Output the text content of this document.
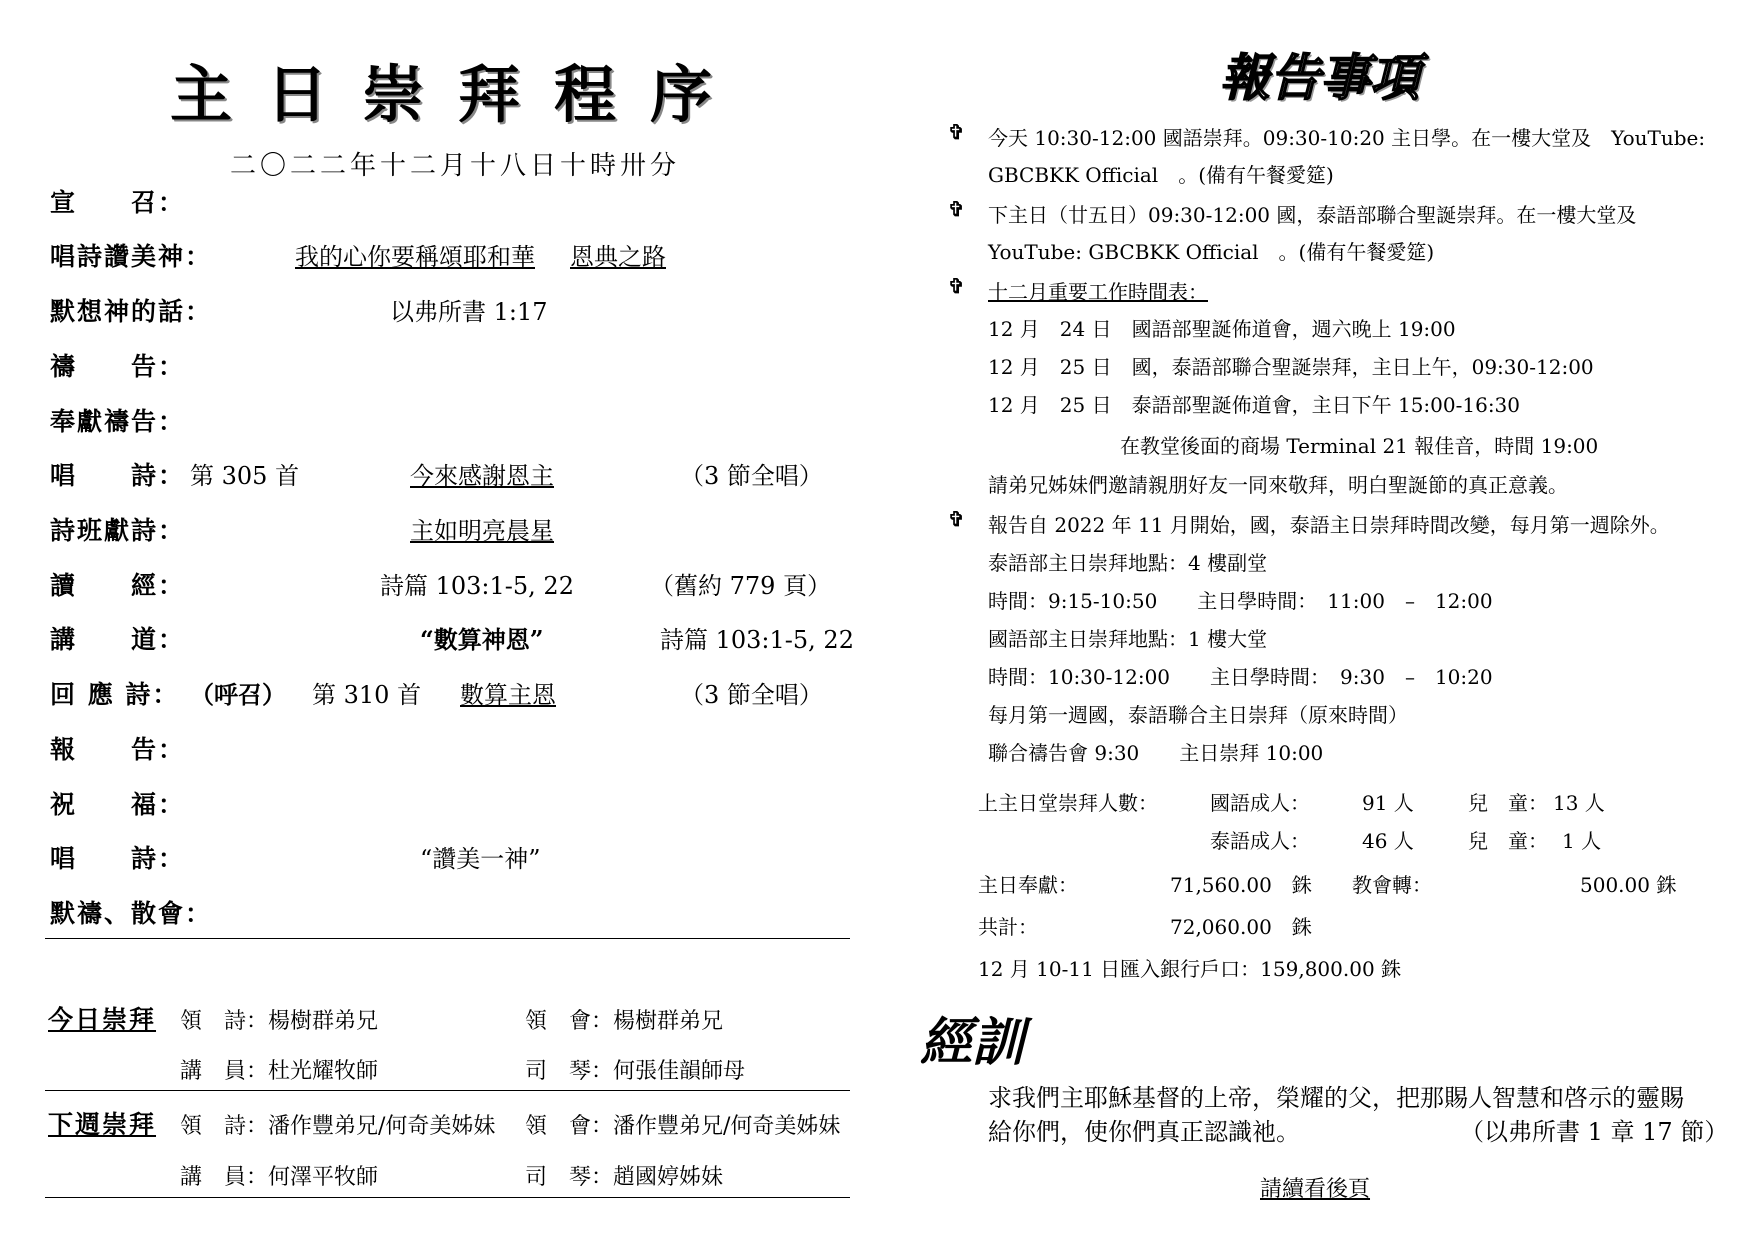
主日崇拜程序
二〇二二年十二月十八日十時卅分
宣　　召：
唱詩讚美神：	我的心你要稱頌耶和華 恩典之路
默想神的話：	以弗所書 1:17
禱　　告：
奉獻禱告：
唱　　詩： 第 305 首	今來感謝恩主	（3 節全唱）
詩班獻詩：	主如明亮晨星
讀　　經：	詩篇 103:1-5, 22	（舊約 779 頁）
講　　道：	“數算神恩”	詩篇 103:1-5, 22
回 應 詩： （呼召） 第 310 首 數算主恩	（3 節全唱）
報　　告：
祝　　福：
唱　　詩：	“讚美一神”
默禱、散會：
今日崇拜 領　詩：楊樹群弟兄	領　會：楊樹群弟兄
講　員：杜光耀牧師	司　琴：何張佳韻師母
下週崇拜 領　詩：潘作豐弟兄/何奇美姊妹 領　會：潘作豐弟兄/何奇美姊妹
講　員：何澤平牧師	司　琴：趙國婷姊妹
報告事項
✞ 今天 10:30-12:00 國語崇拜。09:30-10:20 主日學。在一樓大堂及　YouTube:
GBCBKK Official　。(備有午餐愛筵)
✞ 下主日（廿五日）09:30-12:00 國，泰語部聯合聖誕崇拜。在一樓大堂及
YouTube: GBCBKK Official　。(備有午餐愛筵)
✞ 十二月重要工作時間表：
12 月　24 日　國語部聖誕佈道會，週六晚上 19:00
12 月　25 日　國，泰語部聯合聖誕崇拜，主日上午，09:30-12:00
12 月　25 日　泰語部聖誕佈道會，主日下午 15:00-16:30
在教堂後面的商場 Terminal 21 報佳音，時間 19:00
請弟兄姊妹們邀請親朋好友一同來敬拜，明白聖誕節的真正意義。
✞ 報告自 2022 年 11 月開始，國，泰語主日崇拜時間改變，每月第一週除外。
泰語部主日崇拜地點：4 樓副堂
時間：9:15-10:50　　主日學時間：　11:00　–　12:00
國語部主日崇拜地點：1 樓大堂
時間：10:30-12:00　　主日學時間：　9:30　–　10:20
每月第一週國，泰語聯合主日崇拜（原來時間）
聯合禱告會 9:30　　主日崇拜 10:00
上主日堂崇拜人數：	國語成人：	91 人	兒　童： 13 人
泰語成人：	46 人	兒　童： 1 人
主日奉獻：	71,560.00　銖 教會轉：	500.00 銖
共計：	72,060.00　銖
12 月 10-11 日匯入銀行戶口：159,800.00 銖
經訓
求我們主耶穌基督的上帝，榮耀的父，把那賜人智慧和啓示的靈賜
給你們，使你們真正認識祂。	（以弗所書 1 章 17 節）
請續看後頁
